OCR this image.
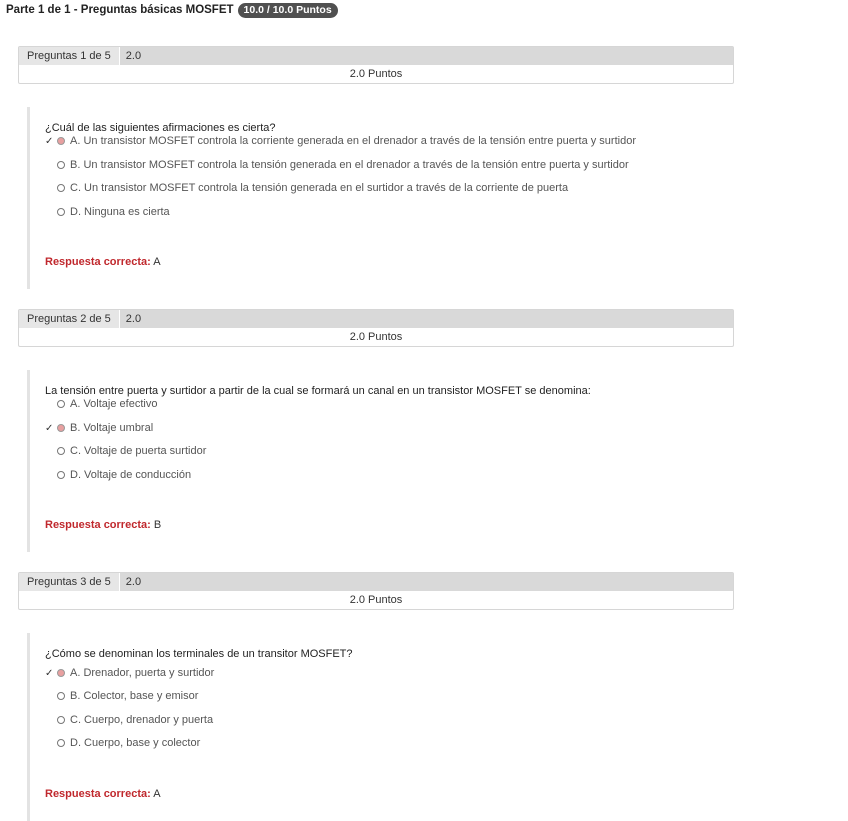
Parte 1 de 1 - Preguntas básicas MOSFET 10.0 / 10.0 Puntos
Preguntas 1 de 5	2.0
2.0 Puntos
¿Cuál de las siguientes afirmaciones es cierta?
✓	A. Un transistor MOSFET controla la corriente generada en el drenador a través de la tensión entre puerta y surtidor
B. Un transistor MOSFET controla la tensión generada en el drenador a través de la tensión entre puerta y surtidor
C. Un transistor MOSFET controla la tensión generada en el surtidor a través de la corriente de puerta
D. Ninguna es cierta
Respuesta correcta: A
Preguntas 2 de 5	2.0
2.0 Puntos
La tensión entre puerta y surtidor a partir de la cual se formará un canal en un transistor MOSFET se denomina:
A. Voltaje efectivo
✓	B. Voltaje umbral
C. Voltaje de puerta surtidor
D. Voltaje de conducción
Respuesta correcta: B
Preguntas 3 de 5	2.0
2.0 Puntos
¿Cómo se denominan los terminales de un transitor MOSFET?
✓	A. Drenador, puerta y surtidor
B. Colector, base y emisor
C. Cuerpo, drenador y puerta
D. Cuerpo, base y colector
Respuesta correcta: A
